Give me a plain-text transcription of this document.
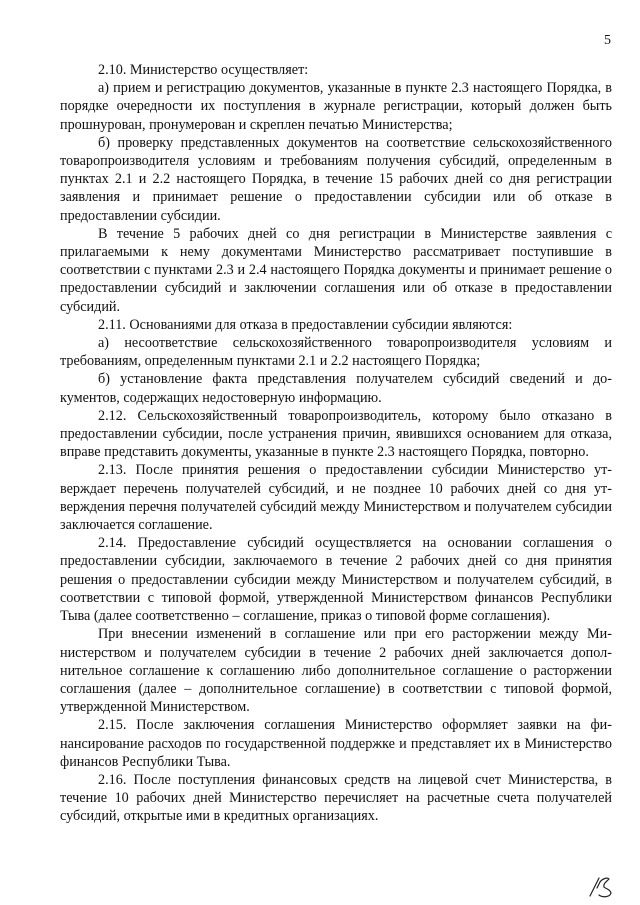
5

2.10. Министерство осуществляет:

а) прием и регистрацию документов, указанные в пункте 2.3 настоящего Порядка, в порядке очередности их поступления в журнале регистрации, который должен быть прошнурован, пронумерован и скреплен печатью Министерства;

б) проверку представленных документов на соответствие сельскохозяйственного товаропроизводителя условиям и требованиям получения субсидий, определенным в пунктах 2.1 и 2.2 настоящего Порядка, в течение 15 рабочих дней со дня регистрации заявления и принимает решение о предоставлении субсидии или об отказе в предоставлении субсидии.

В течение 5 рабочих дней со дня регистрации в Министерстве заявления с прилагаемыми к нему документами Министерство рассматривает поступившие в соответствии с пунктами 2.3 и 2.4 настоящего Порядка документы и принимает решение о предоставлении субсидий и заключении соглашения или об отказе в предоставлении субсидий.

2.11. Основаниями для отказа в предоставлении субсидии являются:

а) несоответствие сельскохозяйственного товаропроизводителя условиям и требованиям, определенным пунктами 2.1 и 2.2 настоящего Порядка;

б) установление факта представления получателем субсидий сведений и документов, содержащих недостоверную информацию.

2.12. Сельскохозяйственный товаропроизводитель, которому было отказано в предоставлении субсидии, после устранения причин, явившихся основанием для отказа, вправе представить документы, указанные в пункте 2.3 настоящего Порядка, повторно.

2.13. После принятия решения о предоставлении субсидии Министерство утверждает перечень получателей субсидий, и не позднее 10 рабочих дней со дня утверждения перечня получателей субсидий между Министерством и получателем субсидии заключается соглашение.

2.14. Предоставление субсидий осуществляется на основании соглашения о предоставлении субсидии, заключаемого в течение 2 рабочих дней со дня принятия решения о предоставлении субсидии между Министерством и получателем субсидий, в соответствии с типовой формой, утвержденной Министерством финансов Республики Тыва (далее соответственно – соглашение, приказ о типовой форме соглашения).

При внесении изменений в соглашение или при его расторжении между Министерством и получателем субсидии в течение 2 рабочих дней заключается дополнительное соглашение к соглашению либо дополнительное соглашение о расторжении соглашения (далее – дополнительное соглашение) в соответствии с типовой формой, утвержденной Министерством.

2.15. После заключения соглашения Министерство оформляет заявки на финансирование расходов по государственной поддержке и представляет их в Министерство финансов Республики Тыва.

2.16. После поступления финансовых средств на лицевой счет Министерства, в течение 10 рабочих дней Министерство перечисляет на расчетные счета получателей субсидий, открытые ими в кредитных организациях.
